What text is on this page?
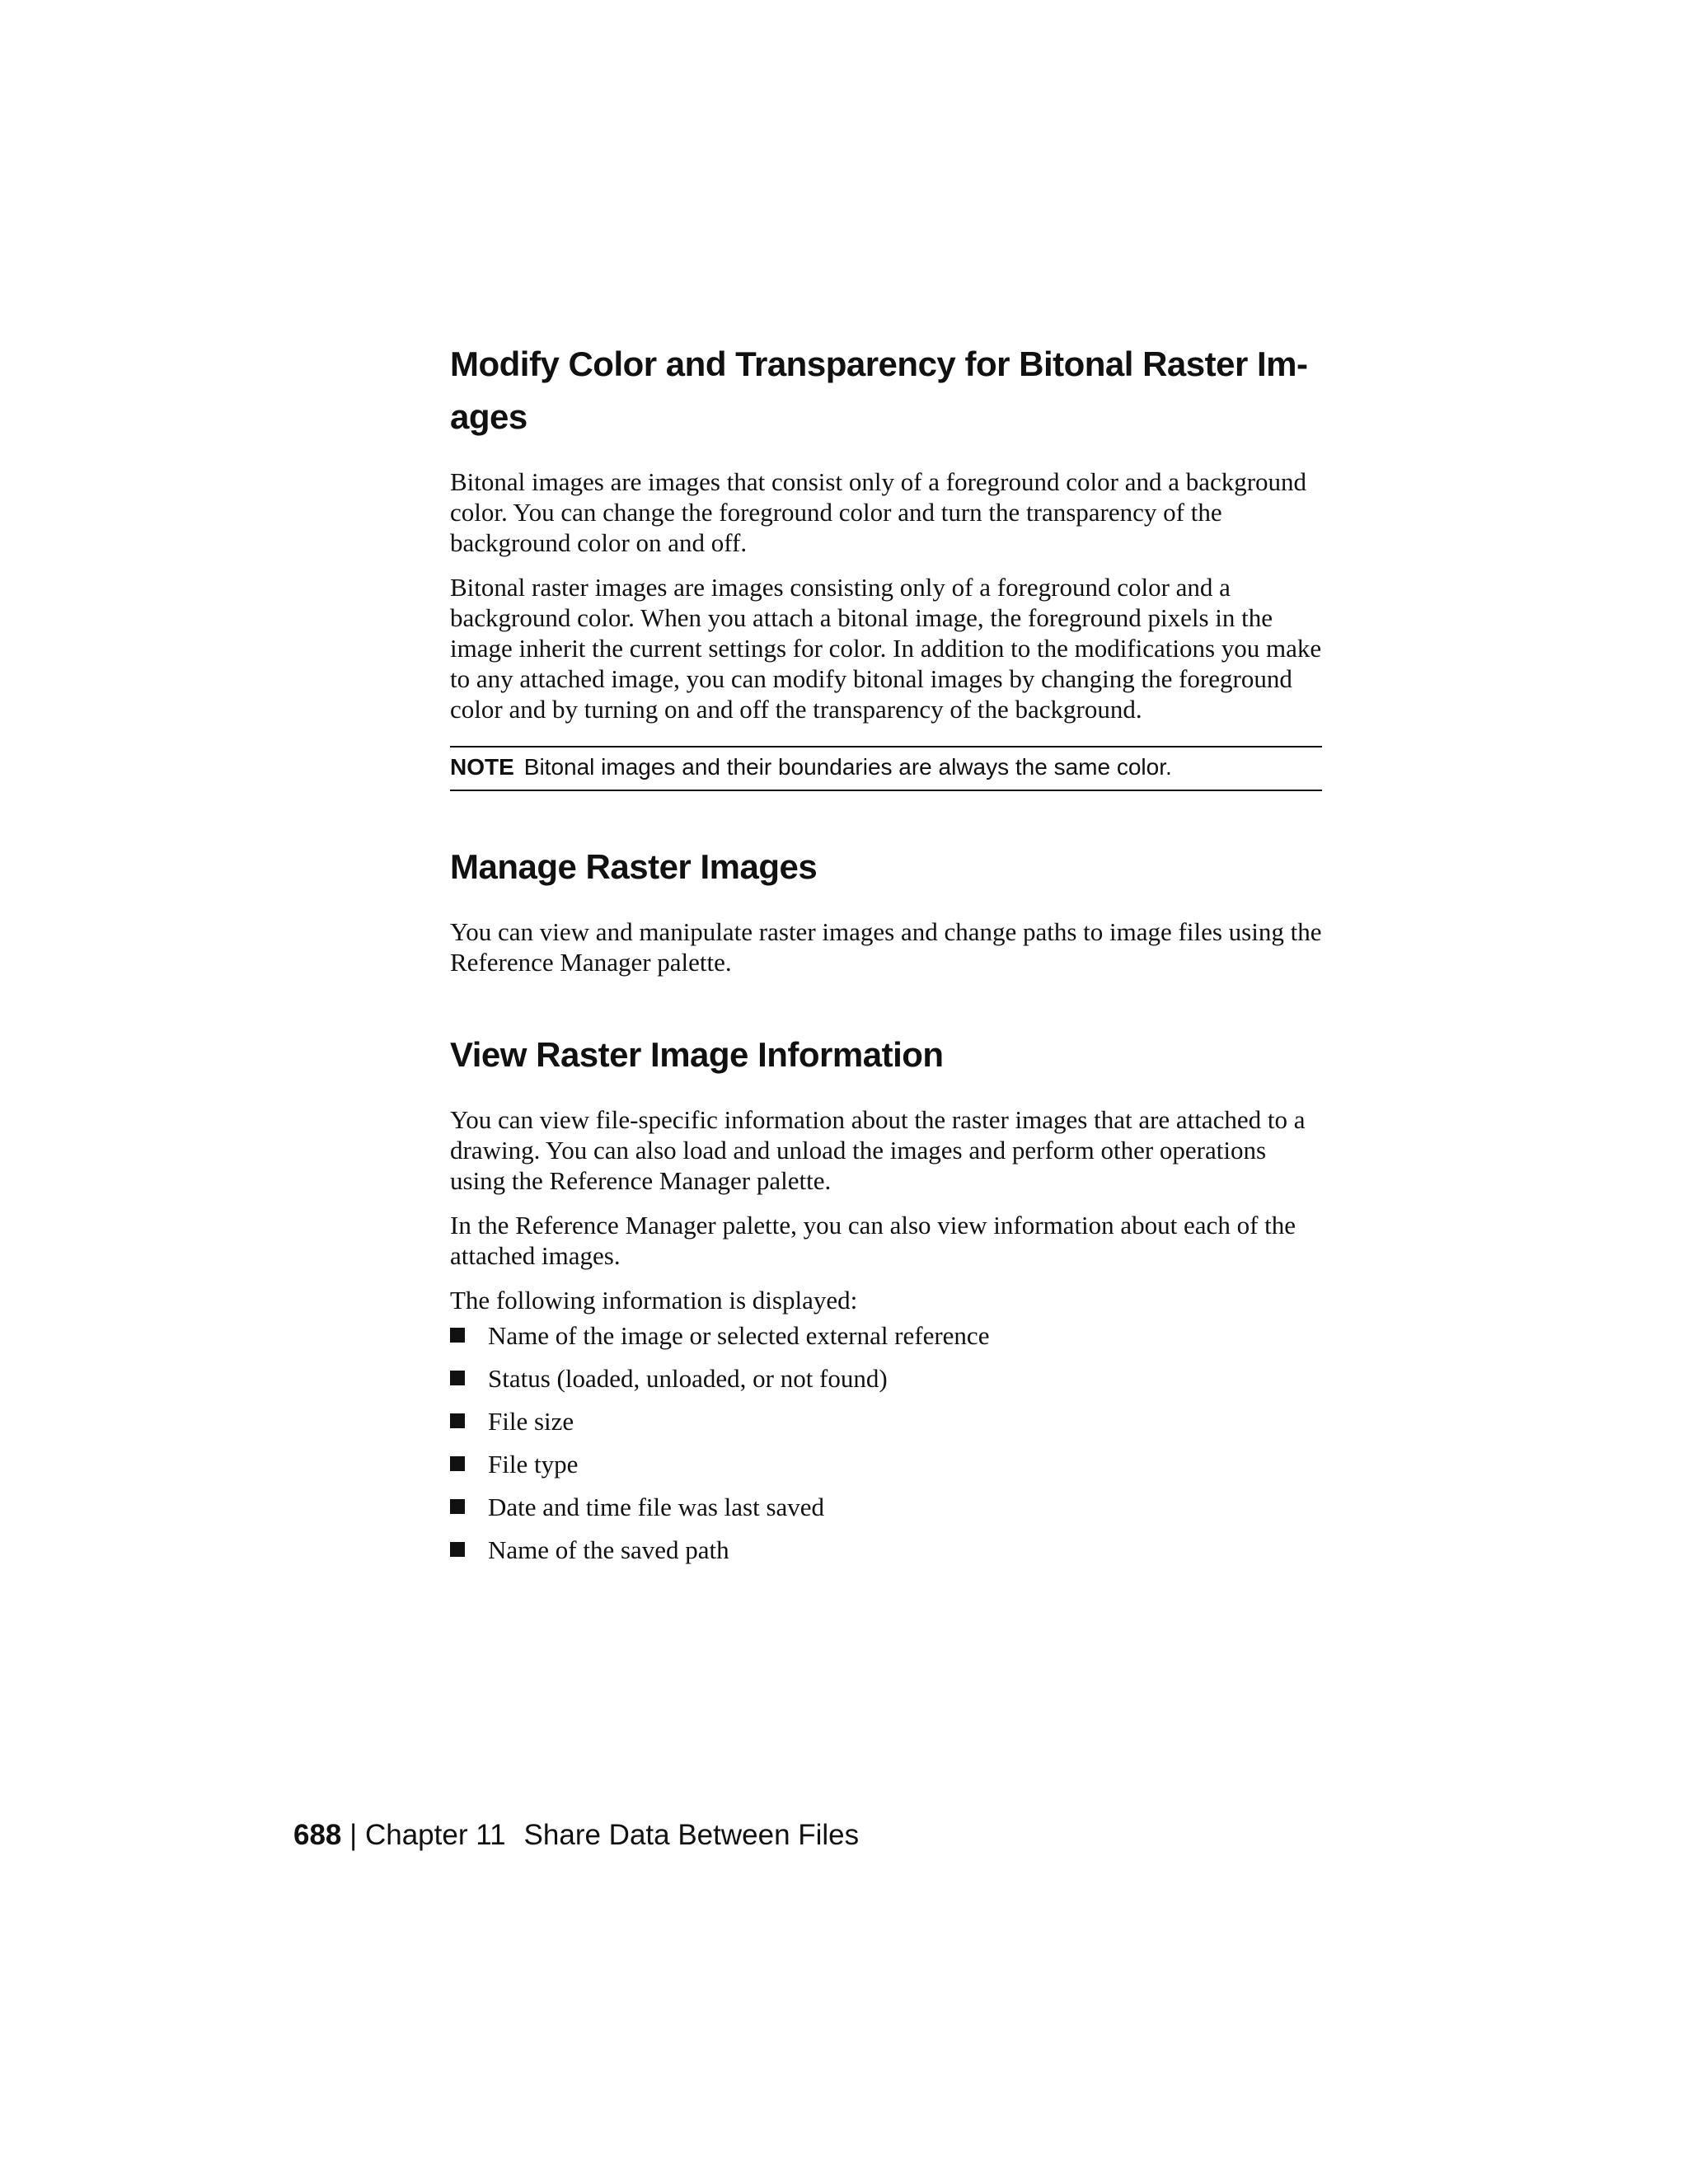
Modify Color and Transparency for Bitonal Raster Im-
ages

Bitonal images are images that consist only of a foreground color and a background color. You can change the foreground color and turn the transparency of the background color on and off.

Bitonal raster images are images consisting only of a foreground color and a background color. When you attach a bitonal image, the foreground pixels in the image inherit the current settings for color. In addition to the modifications you make to any attached image, you can modify bitonal images by changing the foreground color and by turning on and off the transparency of the background.

NOTE Bitonal images and their boundaries are always the same color.
Manage Raster Images

You can view and manipulate raster images and change paths to image files using the Reference Manager palette.

View Raster Image Information

You can view file-specific information about the raster images that are attached to a drawing. You can also load and unload the images and perform other operations using the Reference Manager palette.

In the Reference Manager palette, you can also view information about each of the attached images.

The following information is displayed:

Name of the image or selected external reference
Status (loaded, unloaded, or not found)
File size
File type
Date and time file was last saved
Name of the saved path
688 | Chapter 11 Share Data Between Files
